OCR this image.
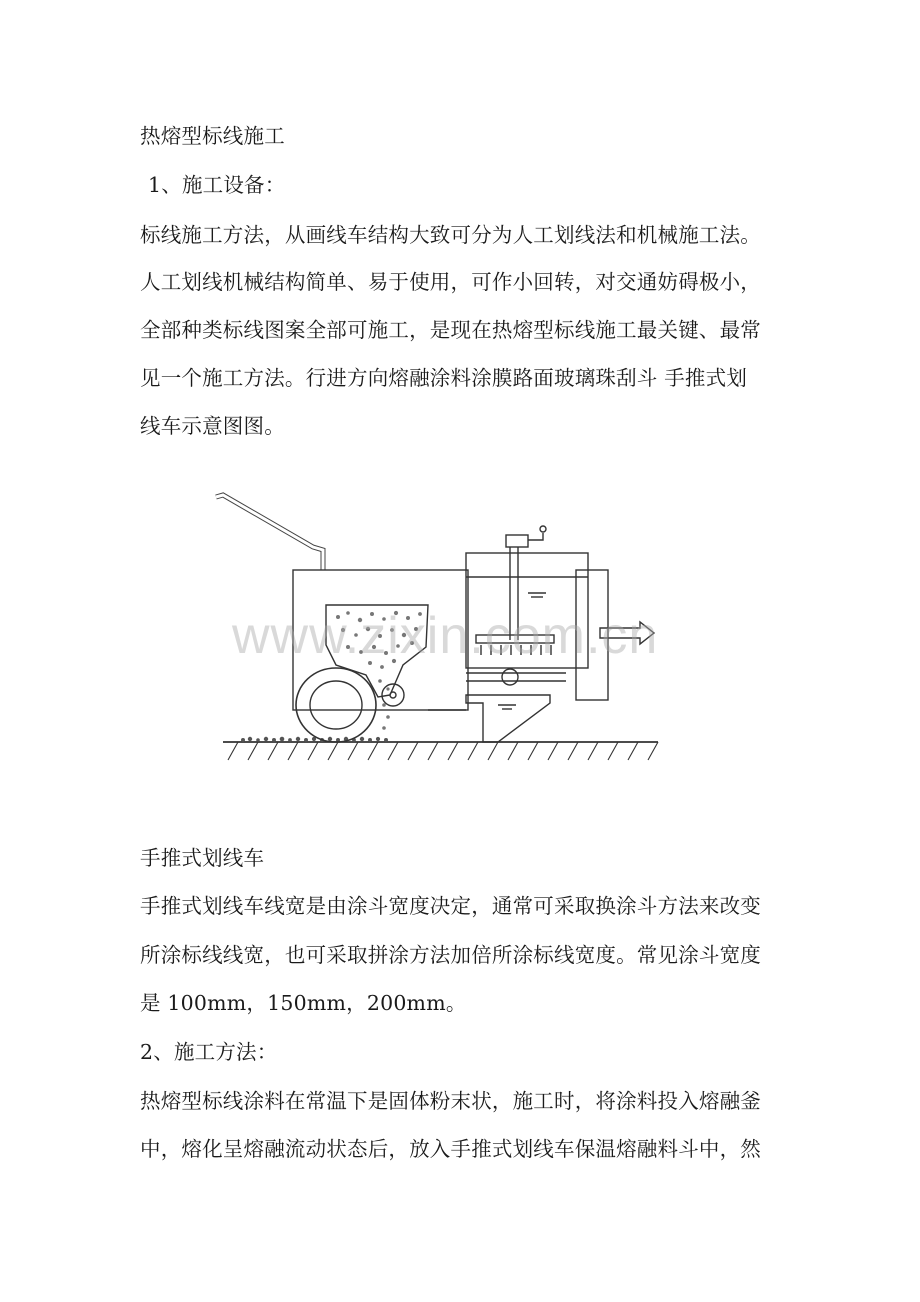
热熔型标线施工
1、施工设备：
标线施工方法，从画线车结构大致可分为人工划线法和机械施工法。
人工划线机械结构简单、易于使用，可作小回转，对交通妨碍极小，
全部种类标线图案全部可施工，是现在热熔型标线施工最关键、最常
见一个施工方法。行进方向熔融涂料涂膜路面玻璃珠刮斗 手推式划
线车示意图图。
www.zixin.com.cn
手推式划线车
手推式划线车线宽是由涂斗宽度决定，通常可采取换涂斗方法来改变
所涂标线线宽，也可采取拼涂方法加倍所涂标线宽度。常见涂斗宽度
是 100mm，150mm，200mm。
2、施工方法：
热熔型标线涂料在常温下是固体粉末状，施工时，将涂料投入熔融釜
中，熔化呈熔融流动状态后，放入手推式划线车保温熔融料斗中，然
